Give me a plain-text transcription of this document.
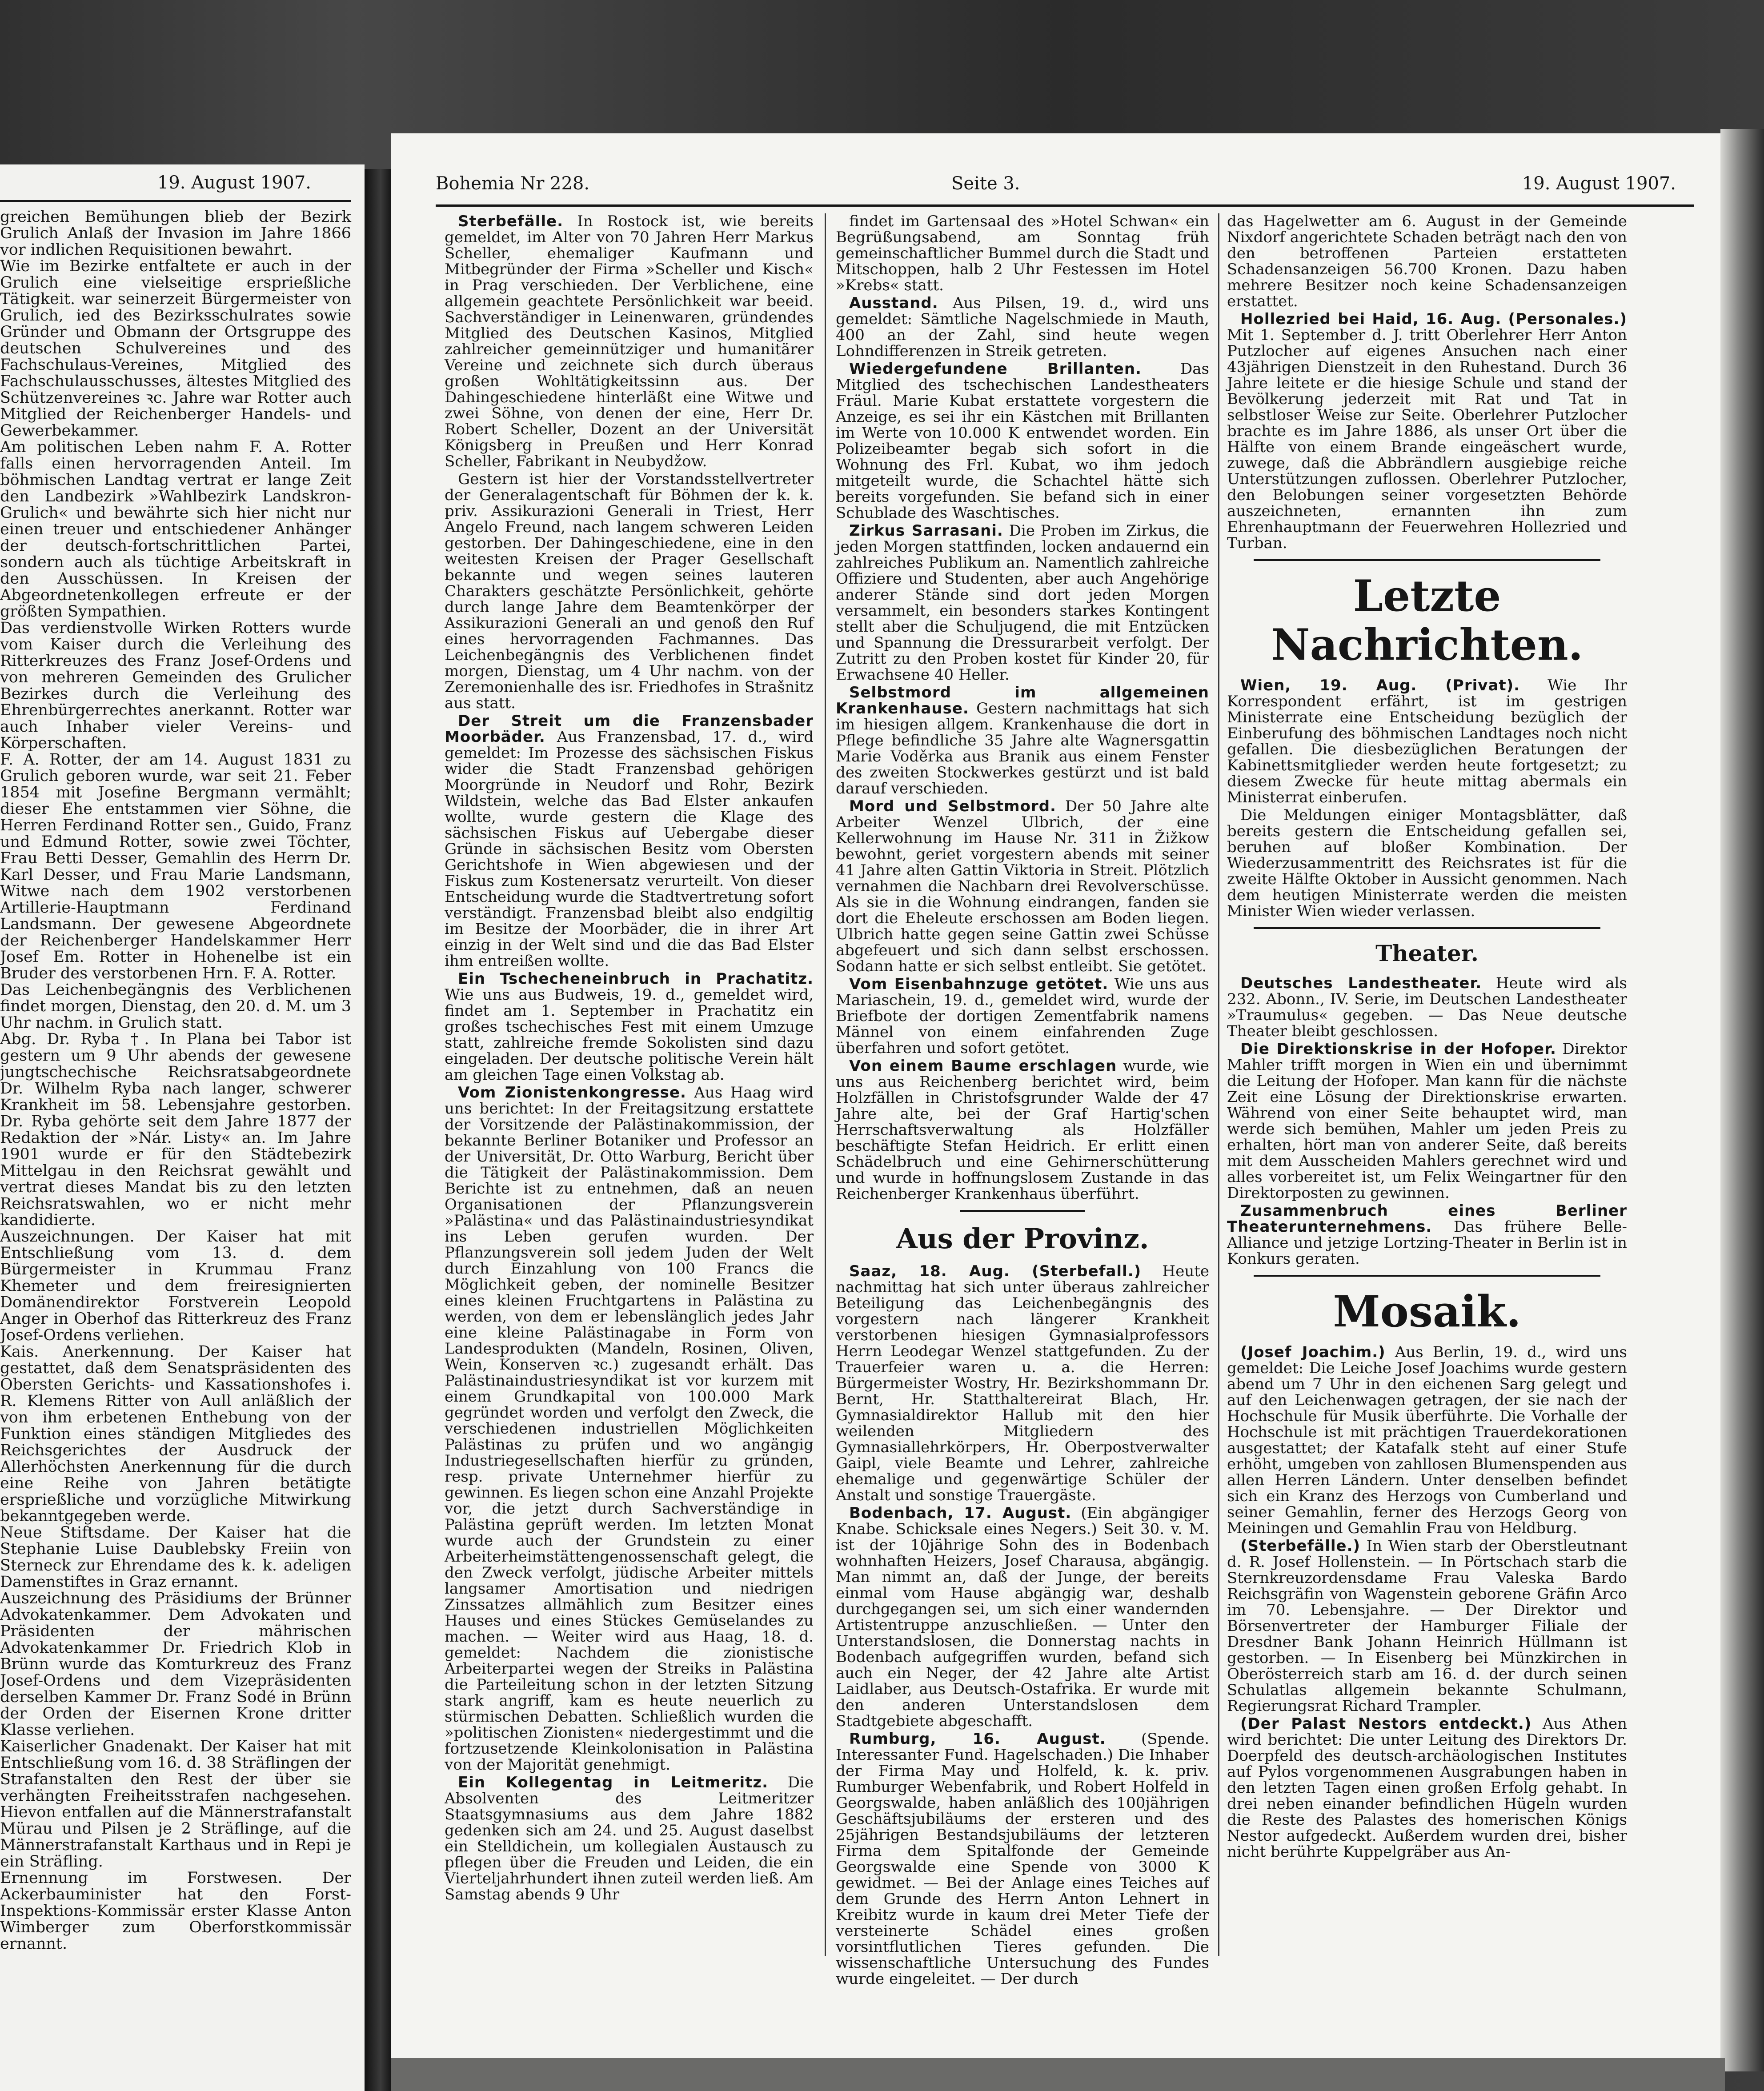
19. August 1907.

greichen Bemühungen blieb der Bezirk Grulich Anlaß der Invasion im Jahre 1866 vor indlichen Requisitionen bewahrt.

Wie im Bezirke entfaltete er auch in der Grulich eine vielseitige ersprießliche Tätigkeit. war seinerzeit Bürgermeister von Grulich, ied des Bezirksschulrates sowie Gründer und Obmann der Ortsgruppe des deutschen Schulvereines und des Fachschulaus-Vereines, Mitglied des Fachschulausschusses, ältestes Mitglied des Schützenvereines ꝛc. Jahre war Rotter auch Mitglied der Reichenberger Handels- und Gewerbekammer.

Am politischen Leben nahm F. A. Rotter falls einen hervorragenden Anteil. Im böhmischen Landtag vertrat er lange Zeit den Landbezirk »Wahlbezirk Landskron-Grulich« und bewährte sich hier nicht nur einen treuer und entschiedener Anhänger der deutsch-fortschrittlichen Partei, sondern auch als tüchtige Arbeitskraft in den Ausschüssen. In Kreisen der Abgeordnetenkollegen erfreute er der größten Sympathien.

Das verdienstvolle Wirken Rotters wurde vom Kaiser durch die Verleihung des Ritterkreuzes des Franz Josef-Ordens und von mehreren Gemeinden des Grulicher Bezirkes durch die Verleihung des Ehrenbürgerrechtes anerkannt. Rotter war auch Inhaber vieler Vereins- und Körperschaften.

F. A. Rotter, der am 14. August 1831 zu Grulich geboren wurde, war seit 21. Feber 1854 mit Josefine Bergmann vermählt; dieser Ehe entstammen vier Söhne, die Herren Ferdinand Rotter sen., Guido, Franz und Edmund Rotter, sowie zwei Töchter, Frau Betti Desser, Gemahlin des Herrn Dr. Karl Desser, und Frau Marie Landsmann, Witwe nach dem 1902 verstorbenen Artillerie-Hauptmann Ferdinand Landsmann. Der gewesene Abgeordnete der Reichenberger Handelskammer Herr Josef Em. Rotter in Hohenelbe ist ein Bruder des verstorbenen Hrn. F. A. Rotter.

Das Leichenbegängnis des Verblichenen findet morgen, Dienstag, den 20. d. M. um 3 Uhr nachm. in Grulich statt.

Abg. Dr. Ryba †. In Plana bei Tabor ist gestern um 9 Uhr abends der gewesene jungtschechische Reichsratsabgeordnete Dr. Wilhelm Ryba nach langer, schwerer Krankheit im 58. Lebensjahre gestorben. Dr. Ryba gehörte seit dem Jahre 1877 der Redaktion der »Nár. Listy« an. Im Jahre 1901 wurde er für den Städtebezirk Mittelgau in den Reichsrat gewählt und vertrat dieses Mandat bis zu den letzten Reichsratswahlen, wo er nicht mehr kandidierte.

Auszeichnungen. Der Kaiser hat mit Entschließung vom 13. d. dem Bürgermeister in Krummau Franz Khemeter und dem freiresignierten Domänendirektor Forstverein Leopold Anger in Oberhof das Ritterkreuz des Franz Josef-Ordens verliehen.

Kais. Anerkennung. Der Kaiser hat gestattet, daß dem Senatspräsidenten des Obersten Gerichts- und Kassationshofes i. R. Klemens Ritter von Aull anläßlich der von ihm erbetenen Enthebung von der Funktion eines ständigen Mitgliedes des Reichsgerichtes der Ausdruck der Allerhöchsten Anerkennung für die durch eine Reihe von Jahren betätigte ersprießliche und vorzügliche Mitwirkung bekanntgegeben werde.

Neue Stiftsdame. Der Kaiser hat die Stephanie Luise Daublebsky Freiin von Sterneck zur Ehrendame des k. k. adeligen Damenstiftes in Graz ernannt.

Auszeichnung des Präsidiums der Brünner Advokatenkammer. Dem Advokaten und Präsidenten der mährischen Advokatenkammer Dr. Friedrich Klob in Brünn wurde das Komturkreuz des Franz Josef-Ordens und dem Vizepräsidenten derselben Kammer Dr. Franz Sodé in Brünn der Orden der Eisernen Krone dritter Klasse verliehen.

Kaiserlicher Gnadenakt. Der Kaiser hat mit Entschließung vom 16. d. 38 Sträflingen der Strafanstalten den Rest der über sie verhängten Freiheitsstrafen nachgesehen. Hievon entfallen auf die Männerstrafanstalt Mürau und Pilsen je 2 Sträflinge, auf die Männerstrafanstalt Karthaus und in Repi je ein Sträfling.

Ernennung im Forstwesen. Der Ackerbauminister hat den Forst-Inspektions-Kommissär erster Klasse Anton Wimberger zum Oberforstkommissär ernannt.

Bohemia Nr 228.	Seite 3.	19. August 1907.

Sterbefälle. In Rostock ist, wie bereits gemeldet, im Alter von 70 Jahren Herr Markus Scheller, ehemaliger Kaufmann und Mitbegründer der Firma »Scheller und Kisch« in Prag verschieden. Der Verblichene, eine allgemein geachtete Persönlichkeit war beeid. Sachverständiger in Leinenwaren, gründendes Mitglied des Deutschen Kasinos, Mitglied zahlreicher gemeinnütziger und humanitärer Vereine und zeichnete sich durch überaus großen Wohltätigkeitssinn aus. Der Dahingeschiedene hinterläßt eine Witwe und zwei Söhne, von denen der eine, Herr Dr. Robert Scheller, Dozent an der Universität Königsberg in Preußen und Herr Konrad Scheller, Fabrikant in Neubydžow.

Gestern ist hier der Vorstandsstellvertreter der Generalagentschaft für Böhmen der k. k. priv. Assikurazioni Generali in Triest, Herr Angelo Freund, nach langem schweren Leiden gestorben. Der Dahingeschiedene, eine in den weitesten Kreisen der Prager Gesellschaft bekannte und wegen seines lauteren Charakters geschätzte Persönlichkeit, gehörte durch lange Jahre dem Beamtenkörper der Assikurazioni Generali an und genoß den Ruf eines hervorragenden Fachmannes. Das Leichenbegängnis des Verblichenen findet morgen, Dienstag, um 4 Uhr nachm. von der Zeremonienhalle des isr. Friedhofes in Strašnitz aus statt.

Der Streit um die Franzensbader Moorbäder. Aus Franzensbad, 17. d., wird gemeldet: Im Prozesse des sächsischen Fiskus wider die Stadt Franzensbad gehörigen Moorgründe in Neudorf und Rohr, Bezirk Wildstein, welche das Bad Elster ankaufen wollte, wurde gestern die Klage des sächsischen Fiskus auf Uebergabe dieser Gründe in sächsischen Besitz vom Obersten Gerichtshofe in Wien abgewiesen und der Fiskus zum Kostenersatz verurteilt. Von dieser Entscheidung wurde die Stadtvertretung sofort verständigt. Franzensbad bleibt also endgiltig im Besitze der Moorbäder, die in ihrer Art einzig in der Welt sind und die das Bad Elster ihm entreißen wollte.

Ein Tschecheneinbruch in Prachatitz. Wie uns aus Budweis, 19. d., gemeldet wird, findet am 1. September in Prachatitz ein großes tschechisches Fest mit einem Umzuge statt, zahlreiche fremde Sokolisten sind dazu eingeladen. Der deutsche politische Verein hält am gleichen Tage einen Volkstag ab.

Vom Zionistenkongresse. Aus Haag wird uns berichtet: In der Freitagsitzung erstattete der Vorsitzende der Palästinakommission, der bekannte Berliner Botaniker und Professor an der Universität, Dr. Otto Warburg, Bericht über die Tätigkeit der Palästinakommission. Dem Berichte ist zu entnehmen, daß an neuen Organisationen der Pflanzungsverein »Palästina« und das Palästinaindustriesyndikat ins Leben gerufen wurden. Der Pflanzungsverein soll jedem Juden der Welt durch Einzahlung von 100 Francs die Möglichkeit geben, der nominelle Besitzer eines kleinen Fruchtgartens in Palästina zu werden, von dem er lebenslänglich jedes Jahr eine kleine Palästinagabe in Form von Landesprodukten (Mandeln, Rosinen, Oliven, Wein, Konserven ꝛc.) zugesandt erhält. Das Palästinaindustriesyndikat ist vor kurzem mit einem Grundkapital von 100.000 Mark gegründet worden und verfolgt den Zweck, die verschiedenen industriellen Möglichkeiten Palästinas zu prüfen und wo angängig Industriegesellschaften hierfür zu gründen, resp. private Unternehmer hierfür zu gewinnen. Es liegen schon eine Anzahl Projekte vor, die jetzt durch Sachverständige in Palästina geprüft werden. Im letzten Monat wurde auch der Grundstein zu einer Arbeiterheimstättengenossenschaft gelegt, die den Zweck verfolgt, jüdische Arbeiter mittels langsamer Amortisation und niedrigen Zinssatzes allmählich zum Besitzer eines Hauses und eines Stückes Gemüselandes zu machen. — Weiter wird aus Haag, 18. d. gemeldet: Nachdem die zionistische Arbeiterpartei wegen der Streiks in Palästina die Parteileitung schon in der letzten Sitzung stark angriff, kam es heute neuerlich zu stürmischen Debatten. Schließlich wurden die »politischen Zionisten« niedergestimmt und die fortzusetzende Kleinkolonisation in Palästina von der Majorität genehmigt.

Ein Kollegentag in Leitmeritz. Die Absolventen des Leitmeritzer Staatsgymnasiums aus dem Jahre 1882 gedenken sich am 24. und 25. August daselbst ein Stelldichein, um kollegialen Austausch zu pflegen über die Freuden und Leiden, die ein Vierteljahrhundert ihnen zuteil werden ließ. Am Samstag abends 9 Uhr

findet im Gartensaal des »Hotel Schwan« ein Begrüßungsabend, am Sonntag früh gemeinschaftlicher Bummel durch die Stadt und Mitschoppen, halb 2 Uhr Festessen im Hotel »Krebs« statt.

Ausstand. Aus Pilsen, 19. d., wird uns gemeldet: Sämtliche Nagelschmiede in Mauth, 400 an der Zahl, sind heute wegen Lohndifferenzen in Streik getreten.

Wiedergefundene Brillanten. Das Mitglied des tschechischen Landestheaters Fräul. Marie Kubat erstattete vorgestern die Anzeige, es sei ihr ein Kästchen mit Brillanten im Werte von 10.000 K entwendet worden. Ein Polizeibeamter begab sich sofort in die Wohnung des Frl. Kubat, wo ihm jedoch mitgeteilt wurde, die Schachtel hätte sich bereits vorgefunden. Sie befand sich in einer Schublade des Waschtisches.

Zirkus Sarrasani. Die Proben im Zirkus, die jeden Morgen stattfinden, locken andauernd ein zahlreiches Publikum an. Namentlich zahlreiche Offiziere und Studenten, aber auch Angehörige anderer Stände sind dort jeden Morgen versammelt, ein besonders starkes Kontingent stellt aber die Schuljugend, die mit Entzücken und Spannung die Dressurarbeit verfolgt. Der Zutritt zu den Proben kostet für Kinder 20, für Erwachsene 40 Heller.

Selbstmord im allgemeinen Krankenhause. Gestern nachmittags hat sich im hiesigen allgem. Krankenhause die dort in Pflege befindliche 35 Jahre alte Wagnersgattin Marie Voděrka aus Branik aus einem Fenster des zweiten Stockwerkes gestürzt und ist bald darauf verschieden.

Mord und Selbstmord. Der 50 Jahre alte Arbeiter Wenzel Ulbrich, der eine Kellerwohnung im Hause Nr. 311 in Žižkow bewohnt, geriet vorgestern abends mit seiner 41 Jahre alten Gattin Viktoria in Streit. Plötzlich vernahmen die Nachbarn drei Revolverschüsse. Als sie in die Wohnung eindrangen, fanden sie dort die Eheleute erschossen am Boden liegen. Ulbrich hatte gegen seine Gattin zwei Schüsse abgefeuert und sich dann selbst erschossen. Sodann hatte er sich selbst entleibt. Sie getötet.

Vom Eisenbahnzuge getötet. Wie uns aus Mariaschein, 19. d., gemeldet wird, wurde der Briefbote der dortigen Zementfabrik namens Männel von einem einfahrenden Zuge überfahren und sofort getötet.

Von einem Baume erschlagen wurde, wie uns aus Reichenberg berichtet wird, beim Holzfällen in Christofsgrunder Walde der 47 Jahre alte, bei der Graf Hartig'schen Herrschaftsverwaltung als Holzfäller beschäftigte Stefan Heidrich. Er erlitt einen Schädelbruch und eine Gehirnerschütterung und wurde in hoffnungslosem Zustande in das Reichenberger Krankenhaus überführt.

Aus der Provinz.

Saaz, 18. Aug. (Sterbefall.) Heute nachmittag hat sich unter überaus zahlreicher Beteiligung das Leichenbegängnis des vorgestern nach längerer Krankheit verstorbenen hiesigen Gymnasialprofessors Herrn Leodegar Wenzel stattgefunden. Zu der Trauerfeier waren u. a. die Herren: Bürgermeister Wostry, Hr. Bezirkshommann Dr. Bernt, Hr. Statthaltereirat Blach, Hr. Gymnasialdirektor Hallub mit den hier weilenden Mitgliedern des Gymnasiallehrkörpers, Hr. Oberpostverwalter Gaipl, viele Beamte und Lehrer, zahlreiche ehemalige und gegenwärtige Schüler der Anstalt und sonstige Trauergäste.

Bodenbach, 17. August. (Ein abgängiger Knabe. Schicksale eines Negers.) Seit 30. v. M. ist der 10jährige Sohn des in Bodenbach wohnhaften Heizers, Josef Charausa, abgängig. Man nimmt an, daß der Junge, der bereits einmal vom Hause abgängig war, deshalb durchgegangen sei, um sich einer wandernden Artistentruppe anzuschließen. — Unter den Unterstandslosen, die Donnerstag nachts in Bodenbach aufgegriffen wurden, befand sich auch ein Neger, der 42 Jahre alte Artist Laidlaber, aus Deutsch-Ostafrika. Er wurde mit den anderen Unterstandslosen dem Stadtgebiete abgeschafft.

Rumburg, 16. August. (Spende. Interessanter Fund. Hagelschaden.) Die Inhaber der Firma May und Holfeld, k. k. priv. Rumburger Webenfabrik, und Robert Holfeld in Georgswalde, haben anläßlich des 100jährigen Geschäftsjubiläums der ersteren und des 25jährigen Bestandsjubiläums der letzteren Firma dem Spitalfonde der Gemeinde Georgswalde eine Spende von 3000 K gewidmet. — Bei der Anlage eines Teiches auf dem Grunde des Herrn Anton Lehnert in Kreibitz wurde in kaum drei Meter Tiefe der versteinerte Schädel eines großen vorsintflutlichen Tieres gefunden. Die wissenschaftliche Untersuchung des Fundes wurde eingeleitet. — Der durch

das Hagelwetter am 6. August in der Gemeinde Nixdorf angerichtete Schaden beträgt nach den von den betroffenen Parteien erstatteten Schadensanzeigen 56.700 Kronen. Dazu haben mehrere Besitzer noch keine Schadensanzeigen erstattet.

Hollezried bei Haid, 16. Aug. (Personales.) Mit 1. September d. J. tritt Oberlehrer Herr Anton Putzlocher auf eigenes Ansuchen nach einer 43jährigen Dienstzeit in den Ruhestand. Durch 36 Jahre leitete er die hiesige Schule und stand der Bevölkerung jederzeit mit Rat und Tat in selbstloser Weise zur Seite. Oberlehrer Putzlocher brachte es im Jahre 1886, als unser Ort über die Hälfte von einem Brande eingeäschert wurde, zuwege, daß die Abbrändlern ausgiebige reiche Unterstützungen zuflossen. Oberlehrer Putzlocher, den Belobungen seiner vorgesetzten Behörde auszeichneten, ernannten ihn zum Ehrenhauptmann der Feuerwehren Hollezried und Turban.

Letzte Nachrichten.

Wien, 19. Aug. (Privat). Wie Ihr Korrespondent erfährt, ist im gestrigen Ministerrate eine Entscheidung bezüglich der Einberufung des böhmischen Landtages noch nicht gefallen. Die diesbezüglichen Beratungen der Kabinettsmitglieder werden heute fortgesetzt; zu diesem Zwecke für heute mittag abermals ein Ministerrat einberufen.

Die Meldungen einiger Montagsblätter, daß bereits gestern die Entscheidung gefallen sei, beruhen auf bloßer Kombination. Der Wiederzusammentritt des Reichsrates ist für die zweite Hälfte Oktober in Aussicht genommen. Nach dem heutigen Ministerrate werden die meisten Minister Wien wieder verlassen.

Theater.

Deutsches Landestheater. Heute wird als 232. Abonn., IV. Serie, im Deutschen Landestheater »Traumulus« gegeben. — Das Neue deutsche Theater bleibt geschlossen.

Die Direktionskrise in der Hofoper. Direktor Mahler trifft morgen in Wien ein und übernimmt die Leitung der Hofoper. Man kann für die nächste Zeit eine Lösung der Direktionskrise erwarten. Während von einer Seite behauptet wird, man werde sich bemühen, Mahler um jeden Preis zu erhalten, hört man von anderer Seite, daß bereits mit dem Ausscheiden Mahlers gerechnet wird und alles vorbereitet ist, um Felix Weingartner für den Direktorposten zu gewinnen.

Zusammenbruch eines Berliner Theaterunternehmens. Das frühere Belle-Alliance und jetzige Lortzing-Theater in Berlin ist in Konkurs geraten.

Mosaik.

(Josef Joachim.) Aus Berlin, 19. d., wird uns gemeldet: Die Leiche Josef Joachims wurde gestern abend um 7 Uhr in den eichenen Sarg gelegt und auf den Leichenwagen getragen, der sie nach der Hochschule für Musik überführte. Die Vorhalle der Hochschule ist mit prächtigen Trauerdekorationen ausgestattet; der Katafalk steht auf einer Stufe erhöht, umgeben von zahllosen Blumenspenden aus allen Herren Ländern. Unter denselben befindet sich ein Kranz des Herzogs von Cumberland und seiner Gemahlin, ferner des Herzogs Georg von Meiningen und Gemahlin Frau von Heldburg.

(Sterbefälle.) In Wien starb der Oberstleutnant d. R. Josef Hollenstein. — In Pörtschach starb die Sternkreuzordensdame Frau Valeska Bardo Reichsgräfin von Wagenstein geborene Gräfin Arco im 70. Lebensjahre. — Der Direktor und Börsenvertreter der Hamburger Filiale der Dresdner Bank Johann Heinrich Hüllmann ist gestorben. — In Eisenberg bei Münzkirchen in Oberösterreich starb am 16. d. der durch seinen Schulatlas allgemein bekannte Schulmann, Regierungsrat Richard Trampler.

(Der Palast Nestors entdeckt.) Aus Athen wird berichtet: Die unter Leitung des Direktors Dr. Doerpfeld des deutsch-archäologischen Institutes auf Pylos vorgenommenen Ausgrabungen haben in den letzten Tagen einen großen Erfolg gehabt. In drei neben einander befindlichen Hügeln wurden die Reste des Palastes des homerischen Königs Nestor aufgedeckt. Außerdem wurden drei, bisher nicht berührte Kuppelgräber aus An-
